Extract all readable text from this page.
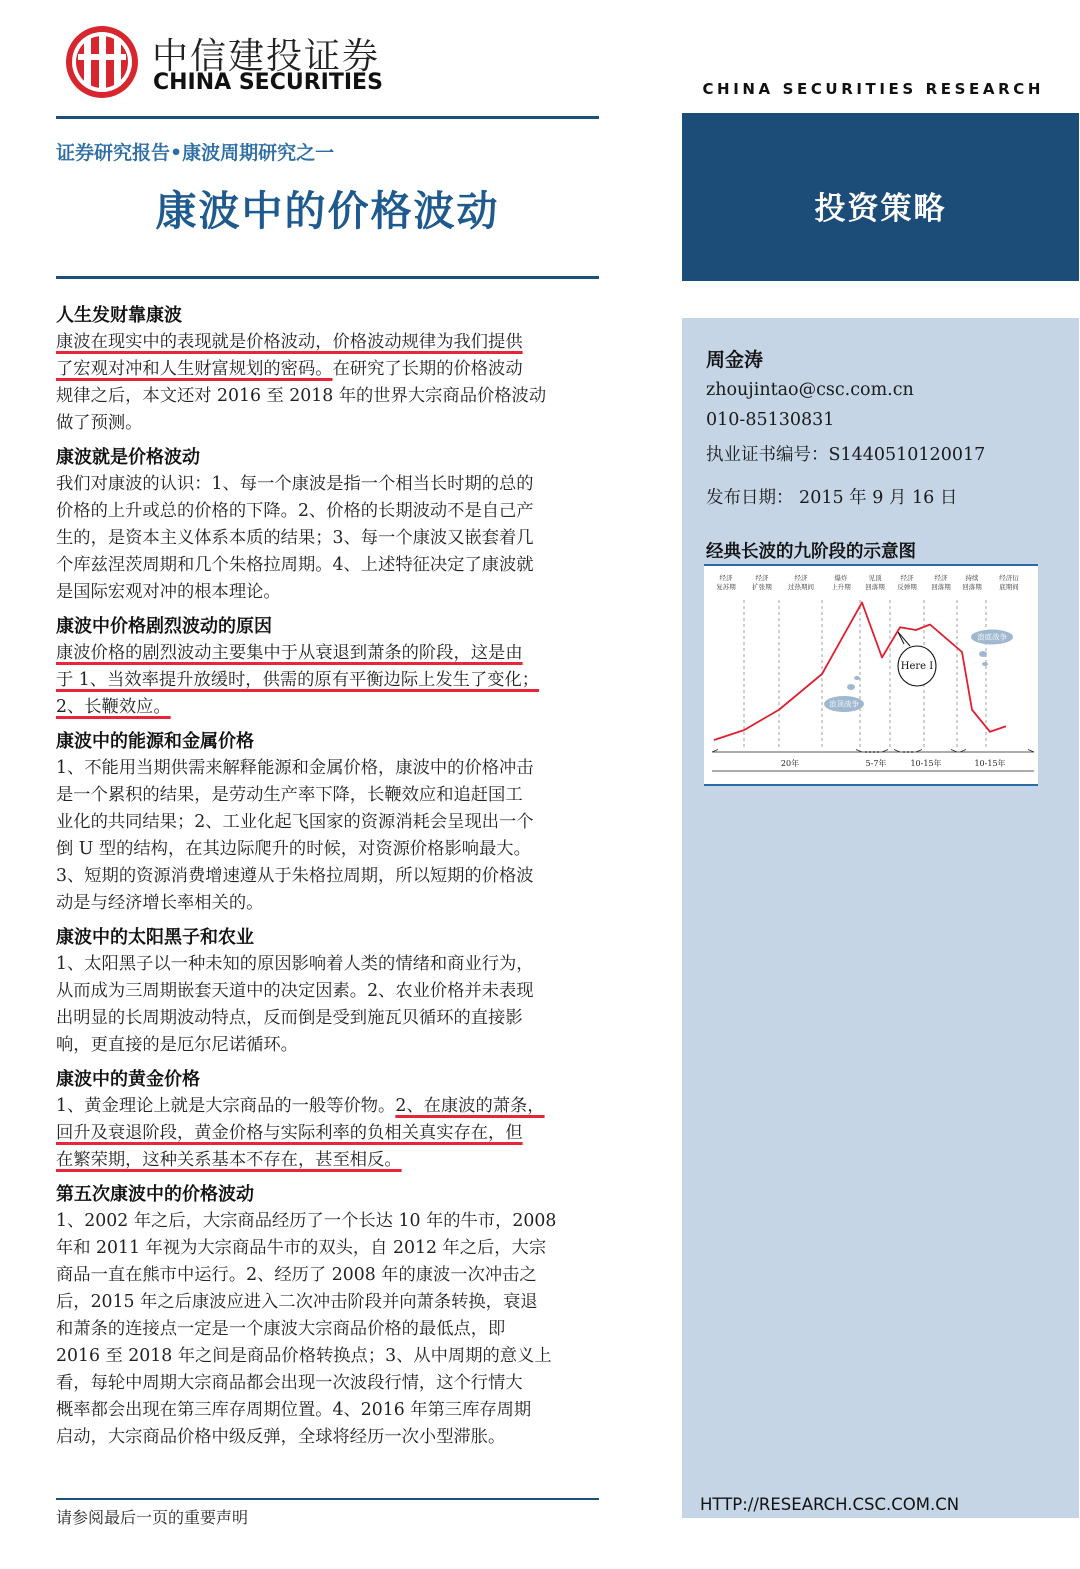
中信建投证券
CHINA SECURITIES	CHINA SECURITIES RESEARCH
证券研究报告•康波周期研究之一
康波中的价格波动	投资策略
人生发财靠康波
康波在现实中的表现就是价格波动，价格波动规律为我们提供
了宏观对冲和人生财富规划的密码。在研究了长期的价格波动
规律之后，本文还对 2016 至 2018 年的世界大宗商品价格波动
做了预测。
康波就是价格波动
我们对康波的认识：1、每一个康波是指一个相当长时期的总的
价格的上升或总的价格的下降。2、价格的长期波动不是自己产
生的，是资本主义体系本质的结果；3、每一个康波又嵌套着几
个库兹涅茨周期和几个朱格拉周期。4、上述特征决定了康波就
是国际宏观对冲的根本理论。
康波中价格剧烈波动的原因
康波价格的剧烈波动主要集中于从衰退到萧条的阶段，这是由
于 1、当效率提升放缓时，供需的原有平衡边际上发生了变化；
2、长鞭效应。
康波中的能源和金属价格
1、不能用当期供需来解释能源和金属价格，康波中的价格冲击
是一个累积的结果，是劳动生产率下降，长鞭效应和追赶国工
业化的共同结果；2、工业化起飞国家的资源消耗会呈现出一个
倒 U 型的结构，在其边际爬升的时候，对资源价格影响最大。
3、短期的资源消费增速遵从于朱格拉周期，所以短期的价格波
动是与经济增长率相关的。
康波中的太阳黑子和农业
1、太阳黑子以一种未知的原因影响着人类的情绪和商业行为，
从而成为三周期嵌套天道中的决定因素。2、农业价格并未表现
出明显的长周期波动特点，反而倒是受到施瓦贝循环的直接影
响，更直接的是厄尔尼诺循环。
康波中的黄金价格
1、黄金理论上就是大宗商品的一般等价物。2、在康波的萧条，
回升及衰退阶段，黄金价格与实际利率的负相关真实存在，但
在繁荣期，这种关系基本不存在，甚至相反。
第五次康波中的价格波动
1、2002 年之后，大宗商品经历了一个长达 10 年的牛市，2008
年和 2011 年视为大宗商品牛市的双头，自 2012 年之后，大宗
商品一直在熊市中运行。2、经历了 2008 年的康波一次冲击之
后，2015 年之后康波应进入二次冲击阶段并向萧条转换，衰退
和萧条的连接点一定是一个康波大宗商品价格的最低点，即
2016 至 2018 年之间是商品价格转换点；3、从中周期的意义上
看，每轮中周期大宗商品都会出现一次波段行情，这个行情大
概率都会出现在第三库存周期位置。4、2016 年第三库存周期
启动，大宗商品价格中级反弹，全球将经历一次小型滞胀。
周金涛
zhoujintao@csc.com.cn
010-85130831
执业证书编号：S1440510120017
发布日期： 2015 年 9 月 16 日
经典长波的九阶段的示意图
经济
复苏期
经济
扩张期
经济
过热期间
爆炸
上升期
见顶
回落期
经济
反弹期
经济
回落期
持续
回落期
经济衍
底期间
浪顶战争
浪底战争
Here I
20年	5-7年	10-15年	10-15年
HTTP://RESEARCH.CSC.COM.CN
请参阅最后一页的重要声明
